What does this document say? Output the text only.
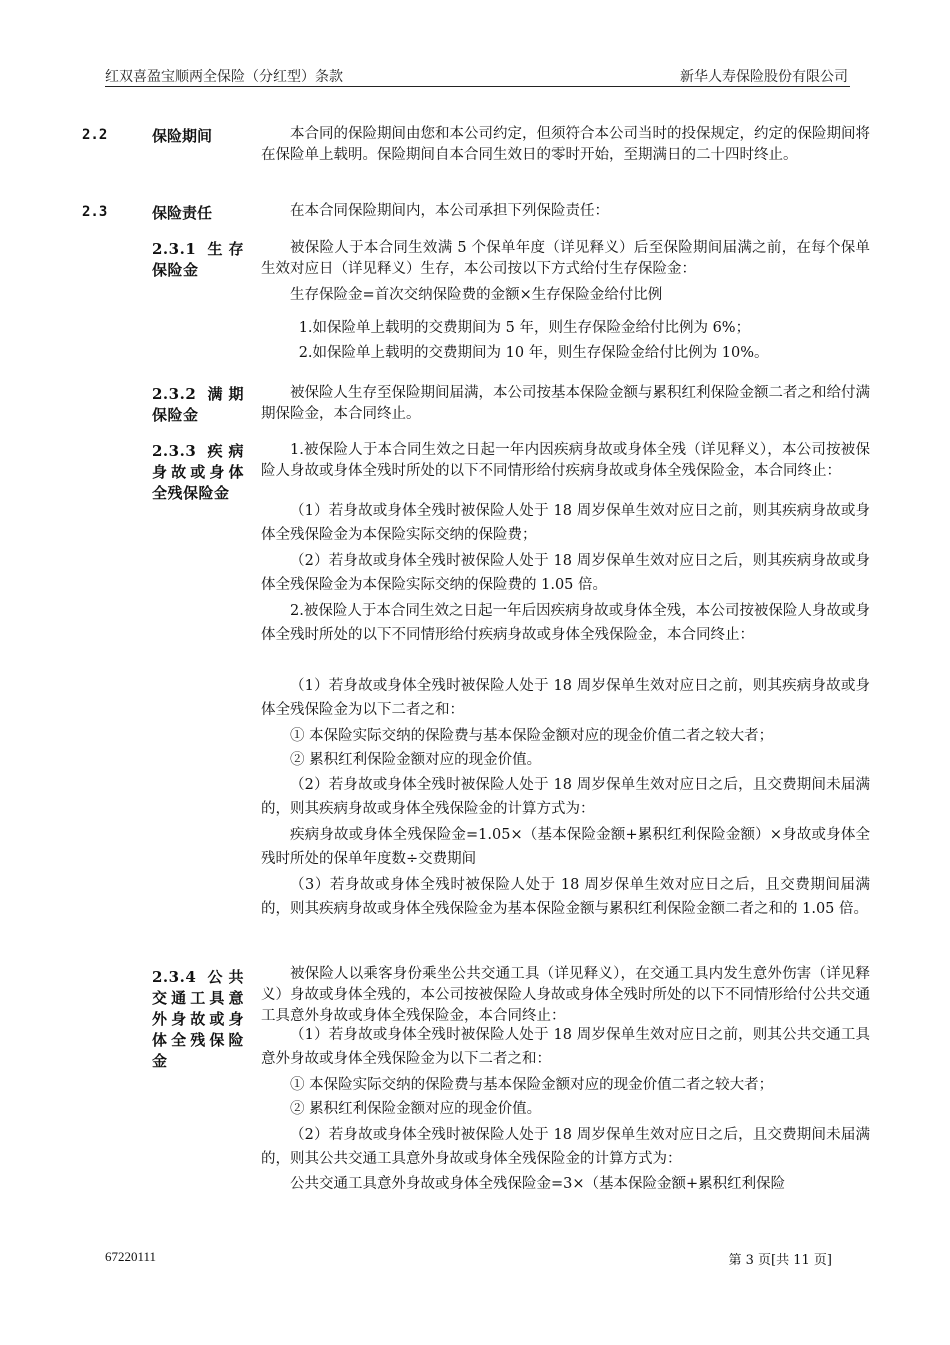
红双喜盈宝顺两全保险（分红型）条款	新华人寿保险股份有限公司
2.2	保险期间	本合同的保险期间由您和本公司约定，但须符合本公司当时的投保规定，约定的保险期间将在保险单上载明。保险期间自本合同生效日的零时开始，至期满日的二十四时终止。
2.3	保险责任	在本合同保险期间内，本公司承担下列保险责任：
2.3.1 生存保险金
被保险人于本合同生效满 5 个保单年度（详见释义）后至保险期间届满之前，在每个保单生效对应日（详见释义）生存，本公司按以下方式给付生存保险金：
生存保险金=首次交纳保险费的金额×生存保险金给付比例
1.如保险单上载明的交费期间为 5 年，则生存保险金给付比例为 6%；
2.如保险单上载明的交费期间为 10 年，则生存保险金给付比例为 10%。
2.3.2 满期保险金
被保险人生存至保险期间届满，本公司按基本保险金额与累积红利保险金额二者之和给付满期保险金，本合同终止。
2.3.3 疾病身故或身体全残保险金
1.被保险人于本合同生效之日起一年内因疾病身故或身体全残（详见释义），本公司按被保险人身故或身体全残时所处的以下不同情形给付疾病身故或身体全残保险金，本合同终止：
（1）若身故或身体全残时被保险人处于 18 周岁保单生效对应日之前，则其疾病身故或身体全残保险金为本保险实际交纳的保险费；
（2）若身故或身体全残时被保险人处于 18 周岁保单生效对应日之后，则其疾病身故或身体全残保险金为本保险实际交纳的保险费的 1.05 倍。
2.被保险人于本合同生效之日起一年后因疾病身故或身体全残，本公司按被保险人身故或身体全残时所处的以下不同情形给付疾病身故或身体全残保险金，本合同终止：
（1）若身故或身体全残时被保险人处于 18 周岁保单生效对应日之前，则其疾病身故或身体全残保险金为以下二者之和：
① 本保险实际交纳的保险费与基本保险金额对应的现金价值二者之较大者；
② 累积红利保险金额对应的现金价值。
（2）若身故或身体全残时被保险人处于 18 周岁保单生效对应日之后，且交费期间未届满的，则其疾病身故或身体全残保险金的计算方式为：
疾病身故或身体全残保险金=1.05×（基本保险金额+累积红利保险金额）×身故或身体全残时所处的保单年度数÷交费期间
（3）若身故或身体全残时被保险人处于 18 周岁保单生效对应日之后，且交费期间届满的，则其疾病身故或身体全残保险金为基本保险金额与累积红利保险金额二者之和的 1.05 倍。
2.3.4 公共交通工具意外身故或身体全残保险金
被保险人以乘客身份乘坐公共交通工具（详见释义），在交通工具内发生意外伤害（详见释义）身故或身体全残的，本公司按被保险人身故或身体全残时所处的以下不同情形给付公共交通工具意外身故或身体全残保险金，本合同终止：
（1）若身故或身体全残时被保险人处于 18 周岁保单生效对应日之前，则其公共交通工具意外身故或身体全残保险金为以下二者之和：
① 本保险实际交纳的保险费与基本保险金额对应的现金价值二者之较大者；
② 累积红利保险金额对应的现金价值。
（2）若身故或身体全残时被保险人处于 18 周岁保单生效对应日之后，且交费期间未届满的，则其公共交通工具意外身故或身体全残保险金的计算方式为：
公共交通工具意外身故或身体全残保险金=3×（基本保险金额+累积红利保险
67220111	第 3 页[共 11 页]
